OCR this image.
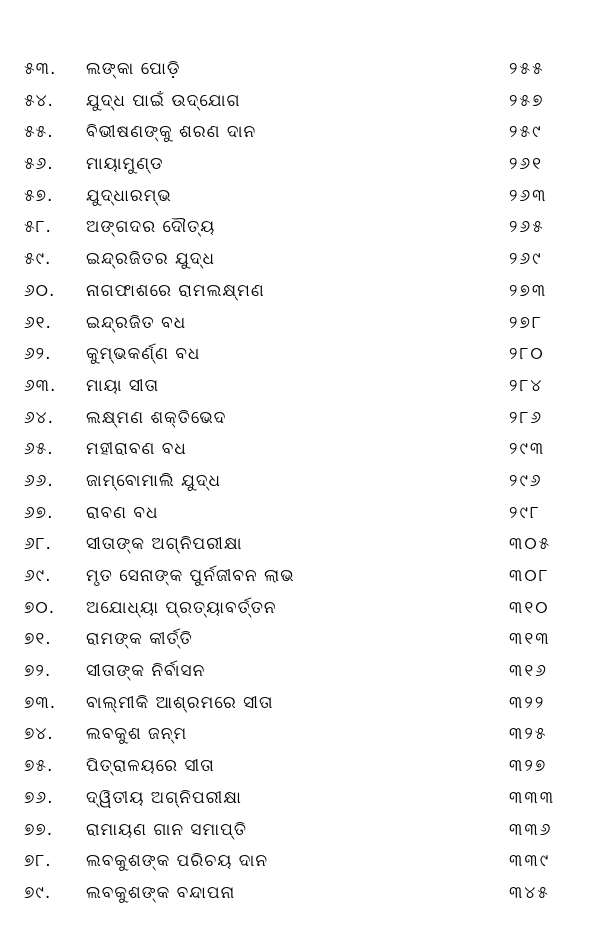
୫୩. ଲଙ୍କା ପୋଡ଼ି	୨୫୫
୫୪. ଯୁଦ୍ଧ ପାଇଁ ଉଦ୍‌ଯୋଗ	୨୫୭
୫୫. ବିଭୀଷଣଙ୍କୁ ଶରଣ ଦାନ	୨୫୯
୫୬. ମାୟାମୁଣ୍ଡ	୨୬୧
୫୭. ଯୁଦ୍ଧାରମ୍ଭ	୨୬୩
୫୮. ଅଙ୍ଗଦର ଦୌତ୍ୟ	୨୬୫
୫୯. ଇନ୍ଦ୍ରଜିତର ଯୁଦ୍ଧ	୨୬୯
୬୦. ନାଗଫାଶରେ ରାମଲକ୍ଷ୍ମଣ	୨୭୩
୬୧. ଇନ୍ଦ୍ରଜିତ ବଧ	୨୭୮
୬୨. କୁମ୍ଭକର୍ଣ୍ଣ ବଧ	୨୮୦
୬୩. ମାୟା ସୀତା	୨୮୪
୬୪. ଲକ୍ଷ୍ମଣ ଶକ୍ତିଭେଦ	୨୮୬
୬୫. ମହୀରାବଣ ବଧ	୨୯୩
୬୬. ଜାମ୍ବୋମାଲି ଯୁଦ୍ଧ	୨୯୬
୬୭. ରାବଣ ବଧ	୨୯୮
୬୮. ସୀତାଙ୍କ ଅଗ୍ନିପରୀକ୍ଷା	୩୦୫
୬୯. ମୃତ ସେନାଙ୍କ ପୁର୍ନଜୀବନ ଲାଭ	୩୦୮
୭୦. ଅଯୋଧ୍ୟା ପ୍ରତ୍ୟାବର୍ତ୍ତନ	୩୧୦
୭୧. ରାମଙ୍କ କୀର୍ତ୍ତି	୩୧୩
୭୨. ସୀତାଙ୍କ ନିର୍ବାସନ	୩୧୬
୭୩. ବାଲ୍ମୀକି ଆଶ୍ରମରେ ସୀତା	୩୨୨
୭୪. ଲବକୁଶ ଜନ୍ମ	୩୨୫
୭୫. ପିତ୍ରାଳୟରେ ସୀତା	୩୨୭
୭୬. ଦ୍ୱିତୀୟ ଅଗ୍ନିପରୀକ୍ଷା	୩୩୩
୭୭. ରାମାୟଣ ଗାନ ସମାପ୍ତି	୩୩୬
୭୮. ଲବକୁଶଙ୍କ ପରିଚୟ ଦାନ	୩୩୯
୭୯. ଲବକୁଶଙ୍କ ବନ୍ଦାପନା	୩୪୫
